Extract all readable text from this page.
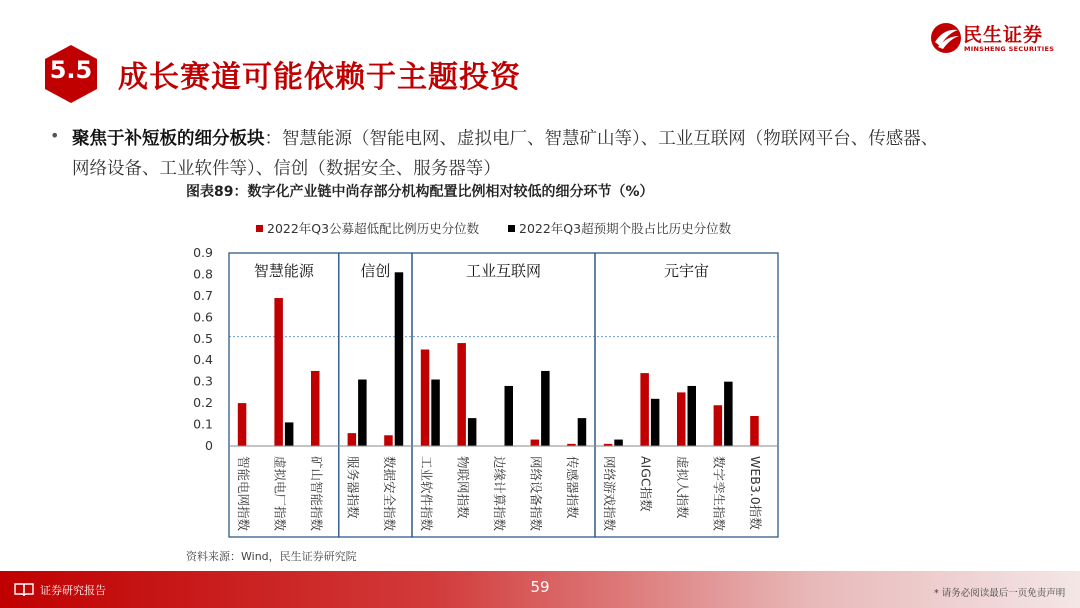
5.5 成长赛道可能依赖于主题投资
民生证券
MINSHENG SECURITIES
• 聚焦于补短板的细分板块：智慧能源（智能电网、虚拟电厂、智慧矿山等）、工业互联网（物联网平台、传感器、网络设备、工业软件等）、信创（数据安全、服务器等）
图表89：数字化产业链中尚存部分机构配置比例相对较低的细分环节（%）
2022年Q3公募超低配比例历史分位数	2022年Q3超预期个股占比历史分位数
0
0.1
0.2
0.3
0.4
0.5
0.6
0.7
0.8
0.9
智慧能源	信创	工业互联网	元宇宙
智能电网指数 虚拟电厂指数 矿山智能指数 服务器指数 数据安全指数 工业软件指数 物联网指数 边缘计算指数 网络设备指数 传感器指数 网络游戏指数 AIGC指数 虚拟人指数 数字孪生指数 WEB3.0指数
资料来源：Wind，民生证券研究院
证券研究报告	59	* 请务必阅读最后一页免责声明
